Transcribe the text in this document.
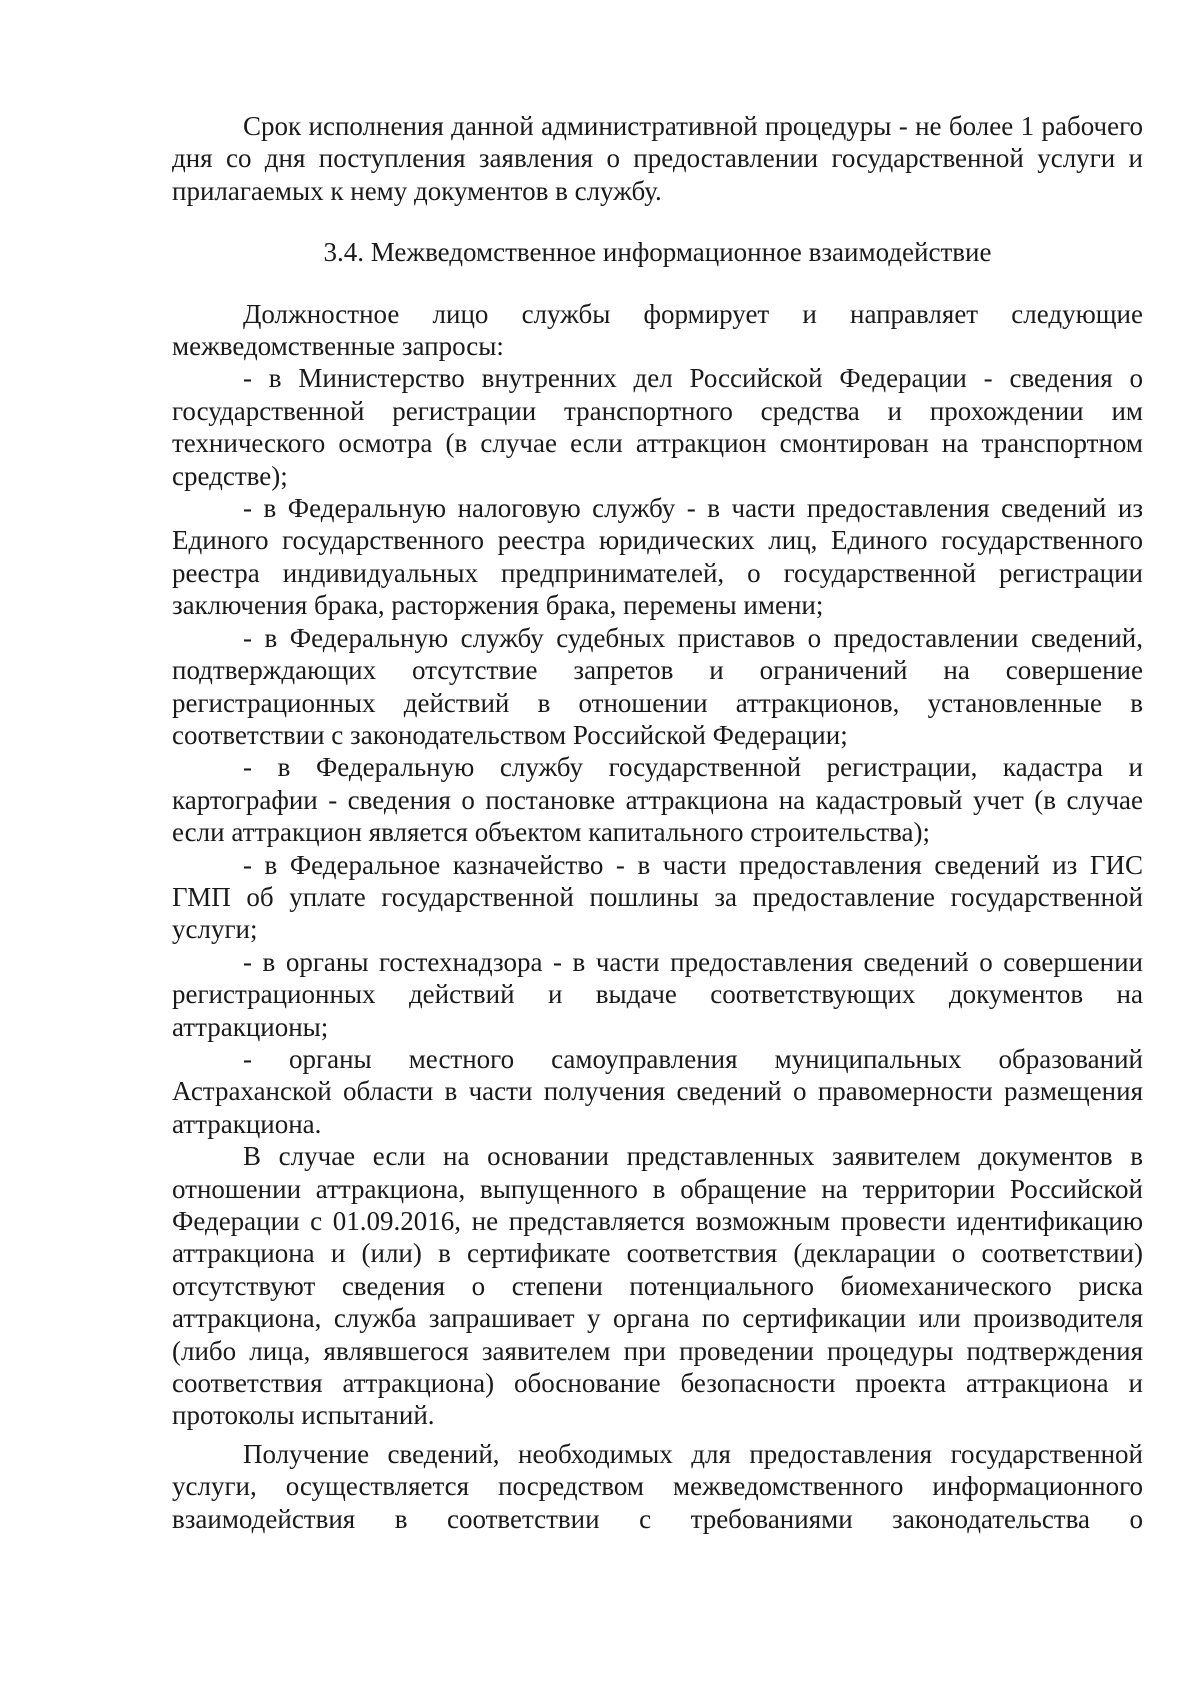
Срок исполнения данной административной процедуры - не более 1 рабочего дня со дня поступления заявления о предоставлении государственной услуги и прилагаемых к нему документов в службу.

3.4. Межведомственное информационное взаимодействие

Должностное лицо службы формирует и направляет следующие межведомственные запросы:

- в Министерство внутренних дел Российской Федерации - сведения о государственной регистрации транспортного средства и прохождении им технического осмотра (в случае если аттракцион смонтирован на транспортном средстве);

- в Федеральную налоговую службу - в части предоставления сведений из Единого государственного реестра юридических лиц, Единого государственного реестра индивидуальных предпринимателей, о государственной регистрации заключения брака, расторжения брака, перемены имени;

- в Федеральную службу судебных приставов о предоставлении сведений, подтверждающих отсутствие запретов и ограничений на совершение регистрационных действий в отношении аттракционов, установленные в соответствии с законодательством Российской Федерации;

- в Федеральную службу государственной регистрации, кадастра и картографии - сведения о постановке аттракциона на кадастровый учет (в случае если аттракцион является объектом капитального строительства);

- в Федеральное казначейство - в части предоставления сведений из ГИС ГМП об уплате государственной пошлины за предоставление государственной услуги;

- в органы гостехнадзора - в части предоставления сведений о совершении регистрационных действий и выдаче соответствующих документов на аттракционы;

- органы местного самоуправления муниципальных образований Астраханской области в части получения сведений о правомерности размещения аттракциона.

В случае если на основании представленных заявителем документов в отношении аттракциона, выпущенного в обращение на территории Российской Федерации с 01.09.2016, не представляется возможным провести идентификацию аттракциона и (или) в сертификате соответствия (декларации о соответствии) отсутствуют сведения о степени потенциального биомеханического риска аттракциона, служба запрашивает у органа по сертификации или производителя (либо лица, являвшегося заявителем при проведении процедуры подтверждения соответствия аттракциона) обоснование безопасности проекта аттракциона и протоколы испытаний.

Получение сведений, необходимых для предоставления государственной услуги, осуществляется посредством межведомственного информационного взаимодействия в соответствии с требованиями законодательства о
